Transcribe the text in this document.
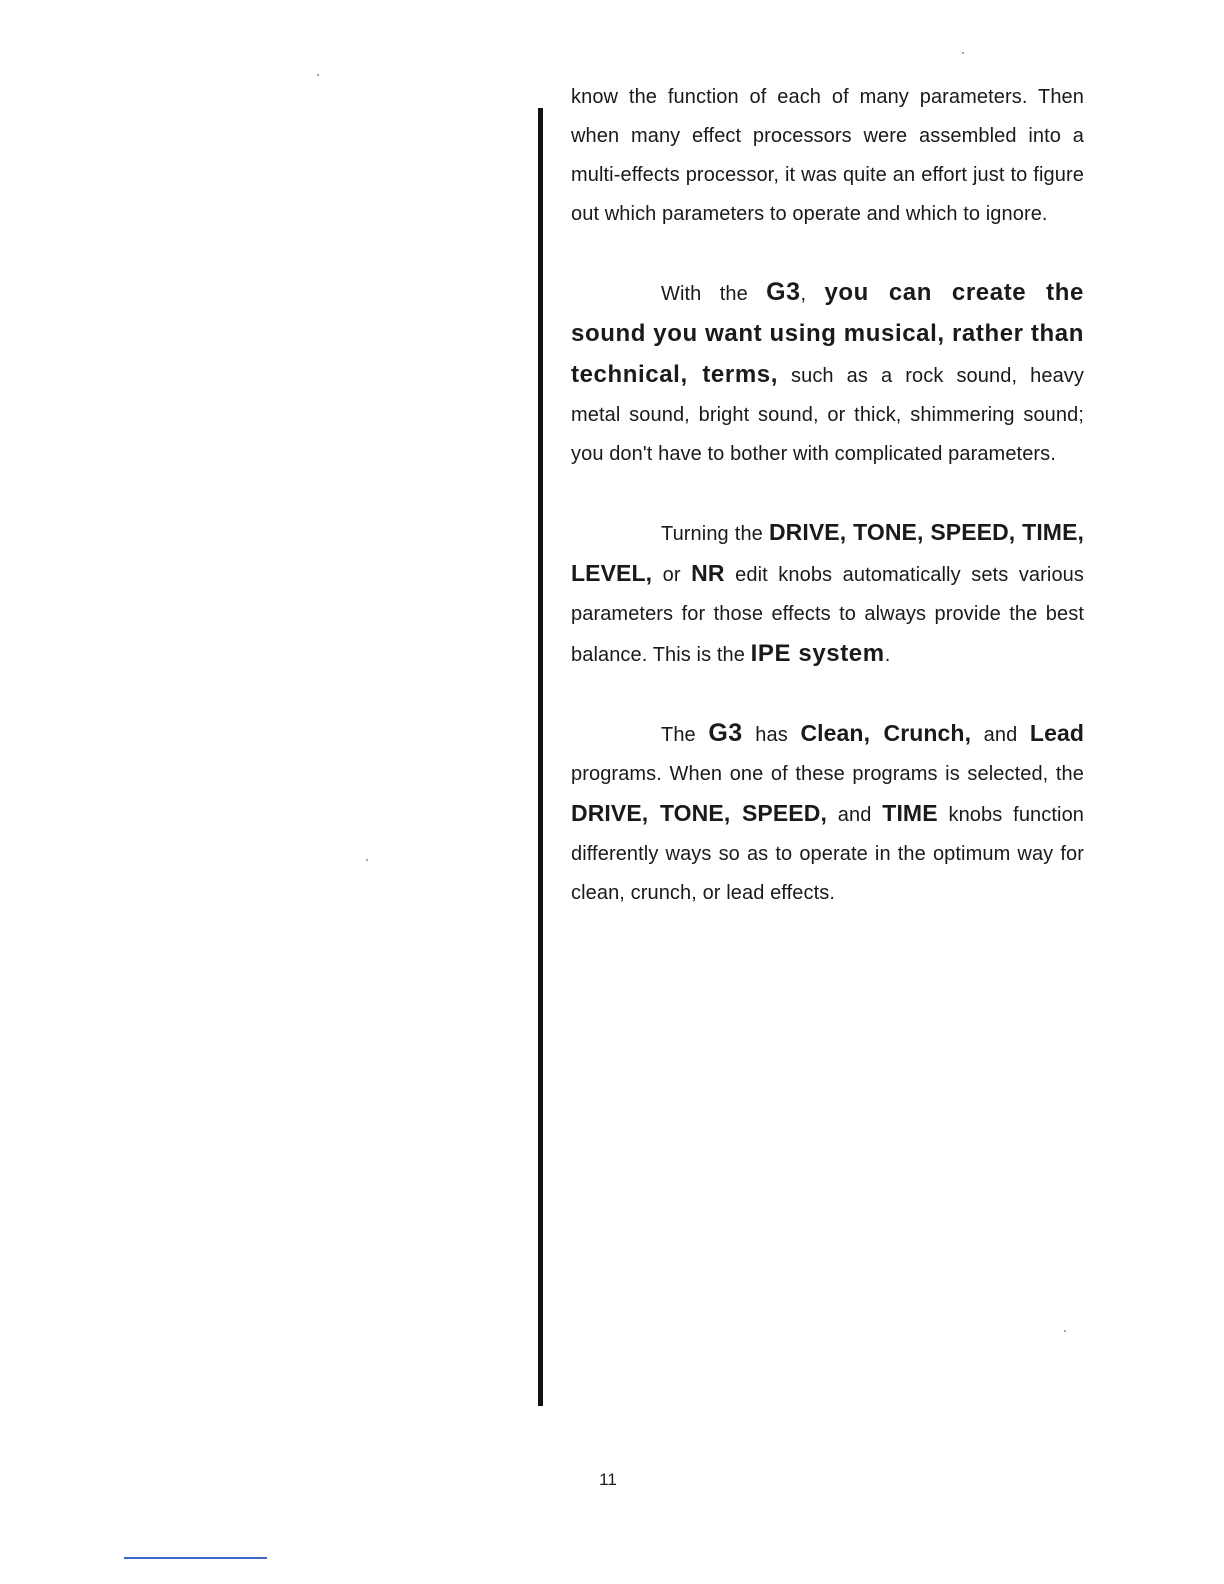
know the function of each of many parameters. Then when many effect processors were assembled into a multi-effects processor, it was quite an effort just to figure out which parameters to operate and which to ignore.

With the G3, you can create the sound you want using musical, rather than technical, terms, such as a rock sound, heavy metal sound, bright sound, or thick, shimmering sound; you don't have to bother with complicated parameters.

Turning the DRIVE, TONE, SPEED, TIME, LEVEL, or NR edit knobs automatically sets various parameters for those effects to always provide the best balance. This is the IPE system.

The G3 has Clean, Crunch, and Lead programs. When one of these programs is selected, the DRIVE, TONE, SPEED, and TIME knobs function differently ways so as to operate in the optimum way for clean, crunch, or lead effects.

11
